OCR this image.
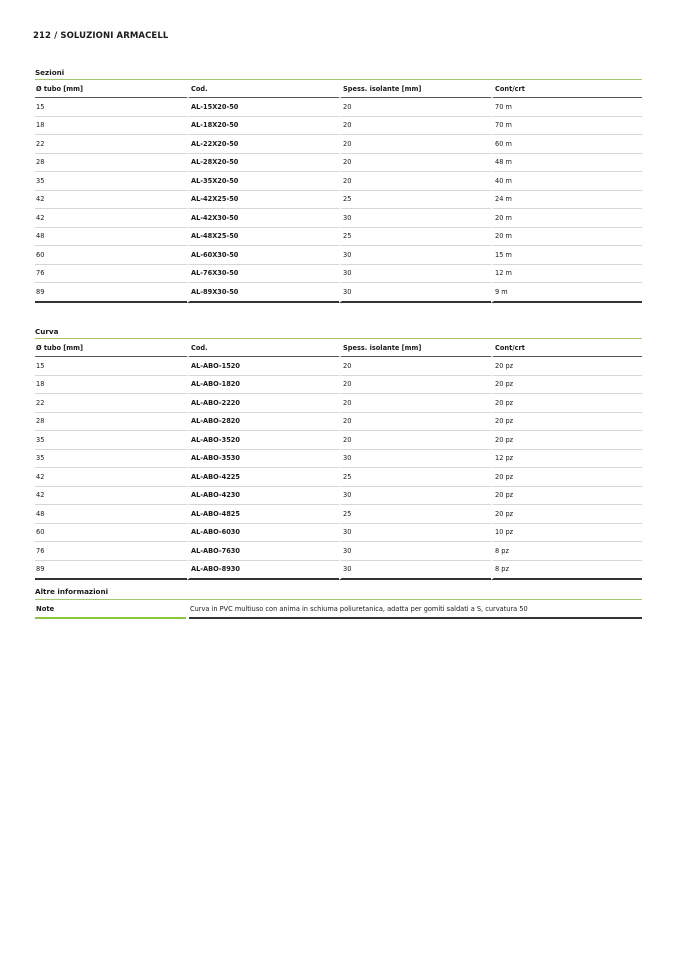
212 / SOLUZIONI ARMACELL
Sezioni
Ø tubo [mm]	Cod.	Spess. isolante [mm]	Cont/crt
15	AL-15X20-50	20	70 m
18	AL-18X20-50	20	70 m
22	AL-22X20-50	20	60 m
28	AL-28X20-50	20	48 m
35	AL-35X20-50	20	40 m
42	AL-42X25-50	25	24 m
42	AL-42X30-50	30	20 m
48	AL-48X25-50	25	20 m
60	AL-60X30-50	30	15 m
76	AL-76X30-50	30	12 m
89	AL-89X30-50	30	9 m
Curva
Ø tubo [mm]	Cod.	Spess. isolante [mm]	Cont/crt
15	AL-ABO-1520	20	20 pz
18	AL-ABO-1820	20	20 pz
22	AL-ABO-2220	20	20 pz
28	AL-ABO-2820	20	20 pz
35	AL-ABO-3520	20	20 pz
35	AL-ABO-3530	30	12 pz
42	AL-ABO-4225	25	20 pz
42	AL-ABO-4230	30	20 pz
48	AL-ABO-4825	25	20 pz
60	AL-ABO-6030	30	10 pz
76	AL-ABO-7630	30	8 pz
89	AL-ABO-8930	30	8 pz
Altre informazioni
Note	Curva in PVC multiuso con anima in schiuma poliuretanica, adatta per gomiti saldati a S, curvatura 50
